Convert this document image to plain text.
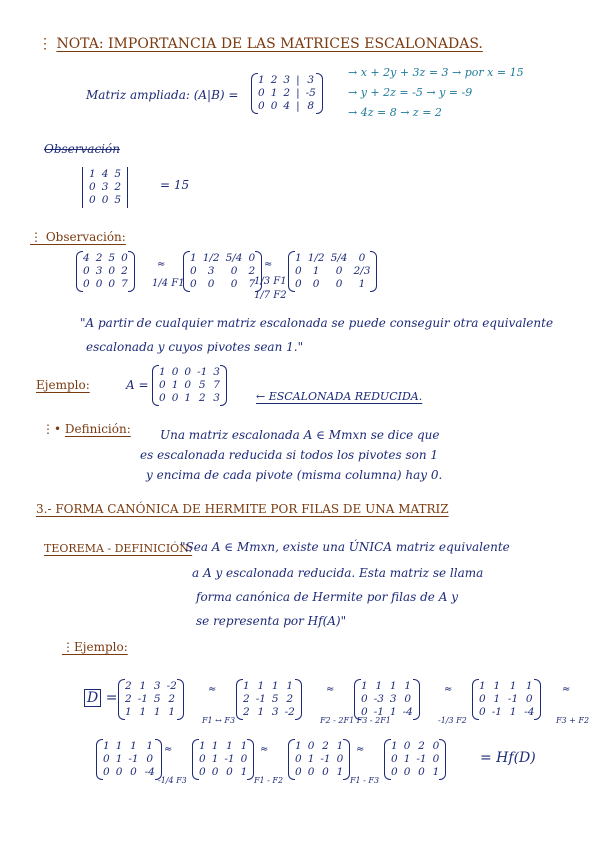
⋮ NOTA: IMPORTANCIA DE LAS MATRICES ESCALONADAS.
Matriz ampliada: (A|B) =
1 2 3 | 3
0 1 2 | -5
0 0 4 | 8
→ x + 2y + 3z = 3 → por x = 15
→ y + 2z = -5 → y = -9
→ 4z = 8 → z = 2
Observación
1 4 5
0 3 2
0 0 5
= 15
⋮ Observación:
4 2 5 0
0 3 0 2
0 0 0 7
≈
1/4 F1
1 1/2 5/4 0
0	3	0	2
0	0	0	7
≈
1/3 F1
1/7 F2
1 1/2 5/4	0
0	1	0	2/3
0	0	0	1
"A partir de cualquier matriz escalonada se puede conseguir otra equivalente
escalonada y cuyos pivotes sean 1."
Ejemplo:	A =
1 0 0 -1 3
0 1 0 5 7
0 0 1 2 3	← ESCALONADA REDUCIDA.
⋮• Definición: Una matriz escalonada A ∈ Mmxn se dice que
es escalonada reducida si todos los pivotes son 1
y encima de cada pivote (misma columna) hay 0.
3.- FORMA CANÓNICA DE HERMITE POR FILAS DE UNA MATRIZ
TEOREMA - DEFINICIÓN:
"Sea A ∈ Mmxn, existe una ÚNICA matriz equivalente
a A y escalonada reducida. Esta matriz se llama
forma canónica de Hermite por filas de A y
se representa por Hf(A)"
⋮Ejemplo:
D =
2 1 3 -2
2 -1 5 2
1 1 1 1
≈
F1 ↔ F3
1 1 1 1
2 -1 5 2
2 1 3 -2
≈
F2 - 2F1 F3 - 2F1
1 1 1 1
0 -3 3 0
0 -1 1 -4
≈
-1/3 F2
1 1 1 1
0 1 -1 0
0 -1 1 -4
≈
F3 + F2
1 1 1 1
0 1 -1 0
0 0 0 -4
≈
-1/4 F3
1 1 1 1
0 1 -1 0
0 0 0 1
≈
F1 - F2
1 0 2 1
0 1 -1 0
0 0 0 1
≈
F1 - F3
1 0 2 0
0 1 -1 0
0 0 0 1
= Hf(D)
